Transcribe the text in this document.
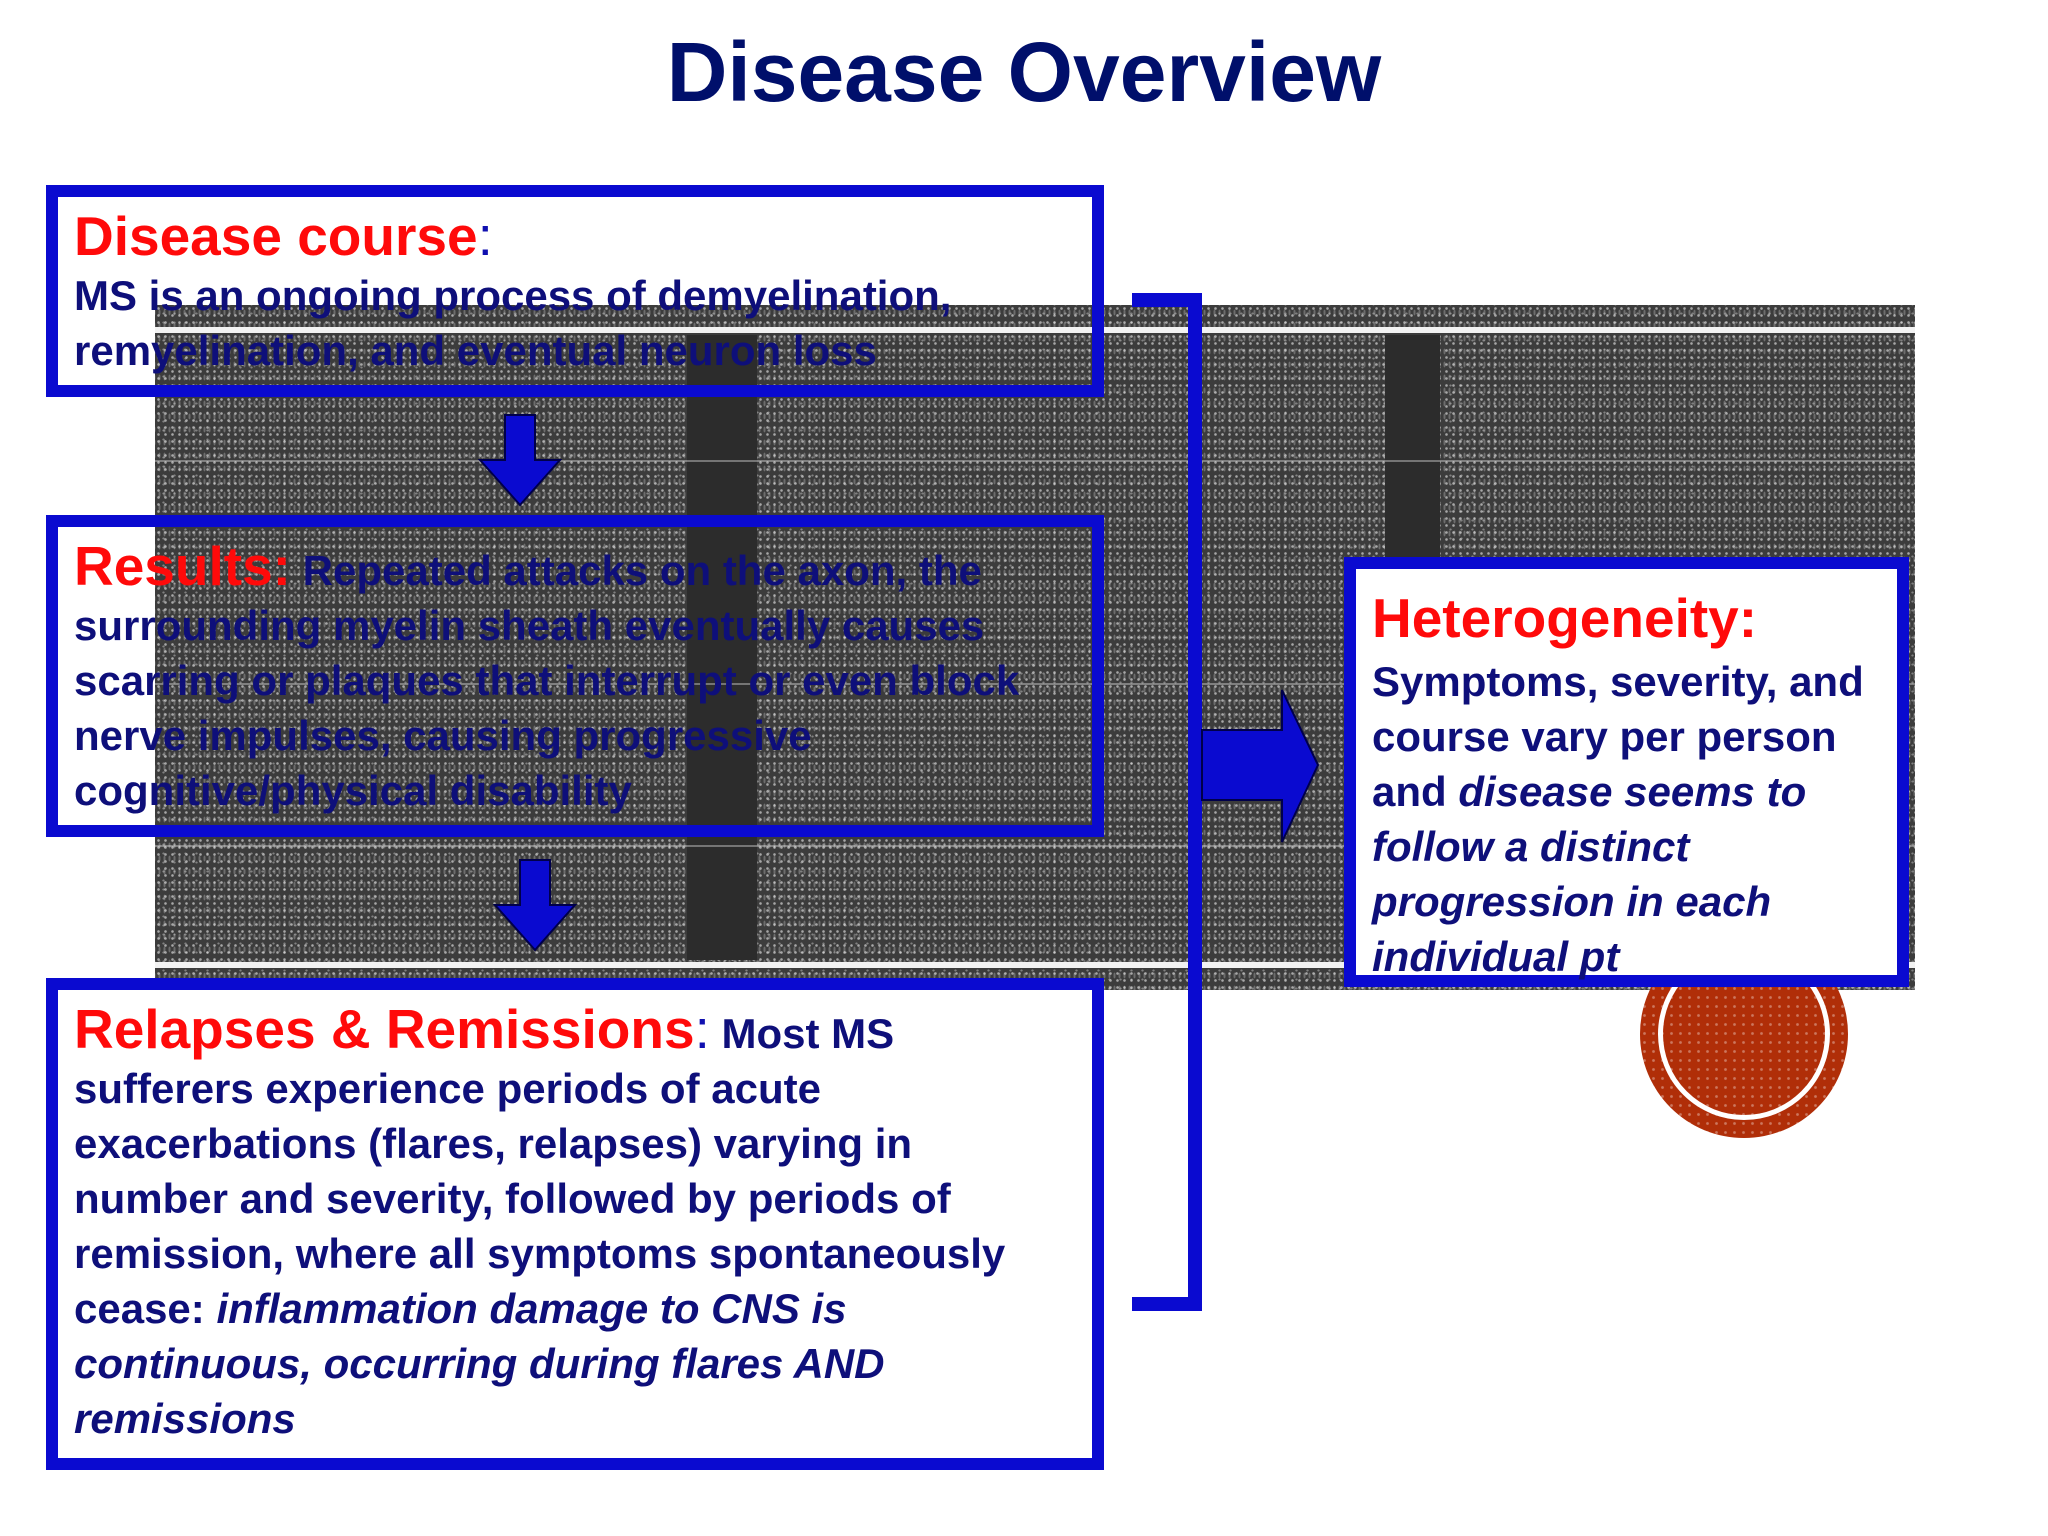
Disease Overview

Disease course:

MS is an ongoing process of demyelination, remyelination, and eventual neuron loss

Results: Repeated attacks on the axon, the surrounding myelin sheath eventually causes scarring or plaques that interrupt or even block nerve impulses, causing progressive cognitive/physical disability

Relapses & Remissions: Most MS sufferers experience periods of acute exacerbations (flares, relapses) varying in number and severity, followed by periods of remission, where all symptoms spontaneously cease: inflammation damage to CNS is continuous, occurring during flares AND remissions

Heterogeneity:

Symptoms, severity, and course vary per person and disease seems to follow a distinct progression in each individual pt
